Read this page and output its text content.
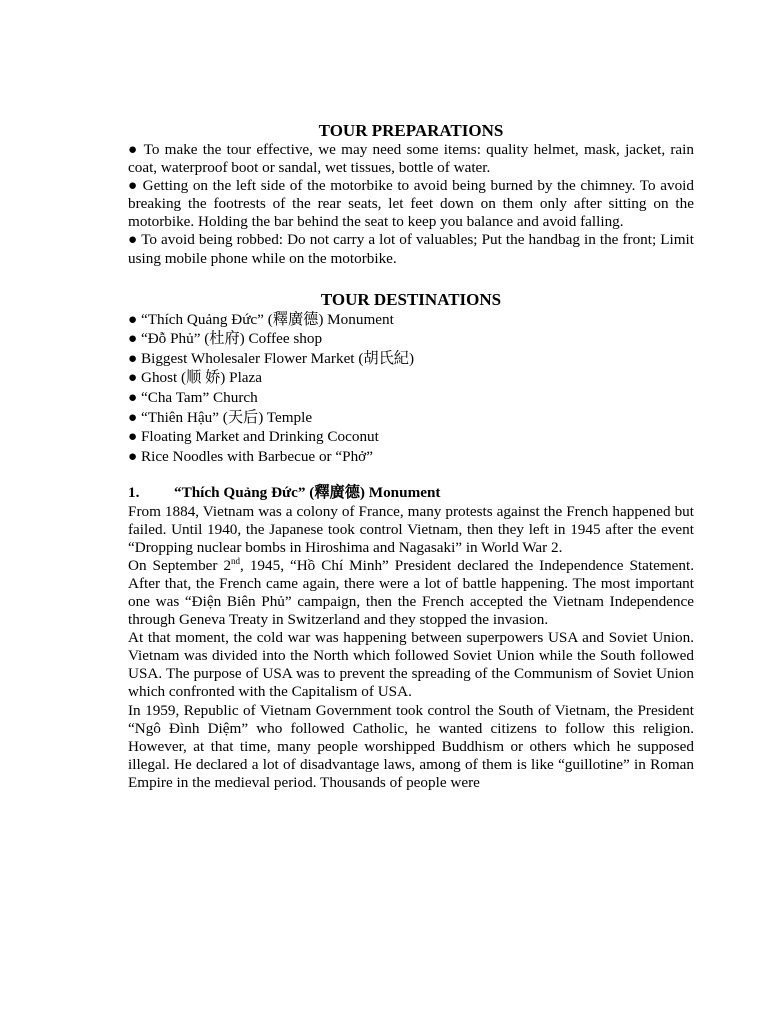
TOUR PREPARATIONS

● To make the tour effective, we may need some items: quality helmet, mask, jacket, rain coat, waterproof boot or sandal, wet tissues, bottle of water.

● Getting on the left side of the motorbike to avoid being burned by the chimney. To avoid breaking the footrests of the rear seats, let feet down on them only after sitting on the motorbike. Holding the bar behind the seat to keep you balance and avoid falling.

● To avoid being robbed: Do not carry a lot of valuables; Put the handbag in the front; Limit using mobile phone while on the motorbike.

TOUR DESTINATIONS
● “Thích Quảng Đức” (釋廣德) Monument
● “Đỗ Phủ” (杜府) Coffee shop
● Biggest Wholesaler Flower Market (胡氏紀)
● Ghost (顺 娇) Plaza
● “Cha Tam” Church
● “Thiên Hậu” (天后) Temple
● Floating Market and Drinking Coconut
● Rice Noodles with Barbecue or “Phở”

1. “Thích Quảng Đức” (釋廣德) Monument

From 1884, Vietnam was a colony of France, many protests against the French happened but failed. Until 1940, the Japanese took control Vietnam, then they left in 1945 after the event “Dropping nuclear bombs in Hiroshima and Nagasaki” in World War 2.

On September 2nd, 1945, “Hồ Chí Minh” President declared the Independence Statement. After that, the French came again, there were a lot of battle happening. The most important one was “Điện Biên Phủ” campaign, then the French accepted the Vietnam Independence through Geneva Treaty in Switzerland and they stopped the invasion.

At that moment, the cold war was happening between superpowers USA and Soviet Union. Vietnam was divided into the North which followed Soviet Union while the South followed USA. The purpose of USA was to prevent the spreading of the Communism of Soviet Union which confronted with the Capitalism of USA.

In 1959, Republic of Vietnam Government took control the South of Vietnam, the President “Ngô Đình Diệm” who followed Catholic, he wanted citizens to follow this religion. However, at that time, many people worshipped Buddhism or others which he supposed illegal. He declared a lot of disadvantage laws, among of them is like “guillotine” in Roman Empire in the medieval period. Thousands of people were
